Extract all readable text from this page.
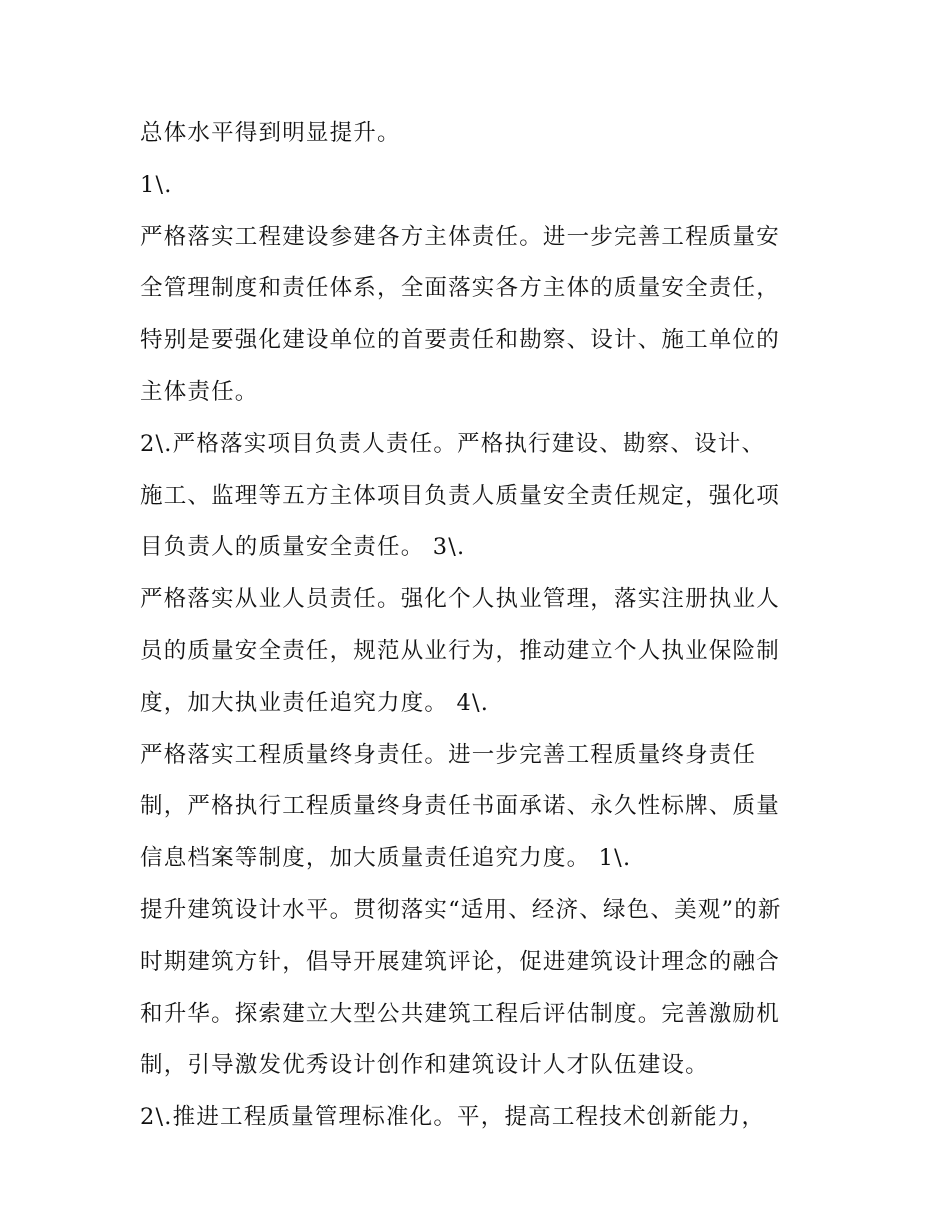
总体水平得到明显提升。
1\.
严格落实工程建设参建各方主体责任。进一步完善工程质量安
全管理制度和责任体系，全面落实各方主体的质量安全责任，
特别是要强化建设单位的首要责任和勘察、设计、施工单位的
主体责任。
2\.严格落实项目负责人责任。严格执行建设、勘察、设计、
施工、监理等五方主体项目负责人质量安全责任规定，强化项
目负责人的质量安全责任。 3\.
严格落实从业人员责任。强化个人执业管理，落实注册执业人
员的质量安全责任，规范从业行为，推动建立个人执业保险制
度，加大执业责任追究力度。 4\.
严格落实工程质量终身责任。进一步完善工程质量终身责任
制，严格执行工程质量终身责任书面承诺、永久性标牌、质量
信息档案等制度，加大质量责任追究力度。 1\.
提升建筑设计水平。贯彻落实“适用、经济、绿色、美观”的新
时期建筑方针，倡导开展建筑评论，促进建筑设计理念的融合
和升华。探索建立大型公共建筑工程后评估制度。完善激励机
制，引导激发优秀设计创作和建筑设计人才队伍建设。
2\.推进工程质量管理标准化。平，提高工程技术创新能力，
